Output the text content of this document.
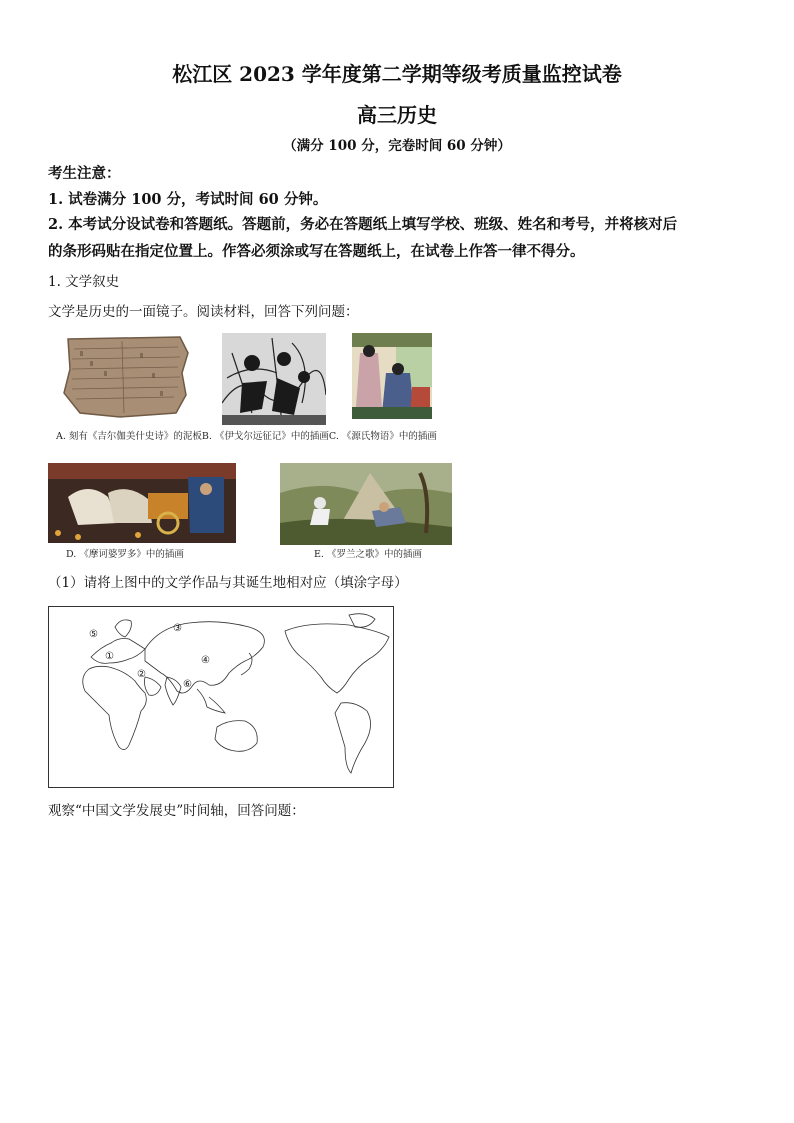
松江区 2023 学年度第二学期等级考质量监控试卷
高三历史
（满分 100 分，完卷时间 60 分钟）
考生注意：
1. 试卷满分 100 分，考试时间 60 分钟。
2. 本考试分设试卷和答题纸。答题前，务必在答题纸上填写学校、班级、姓名和考号，并将核对后
的条形码贴在指定位置上。作答必须涂或写在答题纸上，在试卷上作答一律不得分。
1. 文学叙史
文学是历史的一面镜子。阅读材料，回答下列问题：
A. 刻有《吉尔伽美什史诗》的泥板B. 《伊戈尔远征记》中的插画C. 《源氏物语》中的插画
D. 《摩诃婆罗多》中的插画	E. 《罗兰之歌》中的插画
（1）请将上图中的文学作品与其诞生地相对应（填涂字母）
⑤
①
③
②
④
⑥
观察“中国文学发展史”时间轴，回答问题：
